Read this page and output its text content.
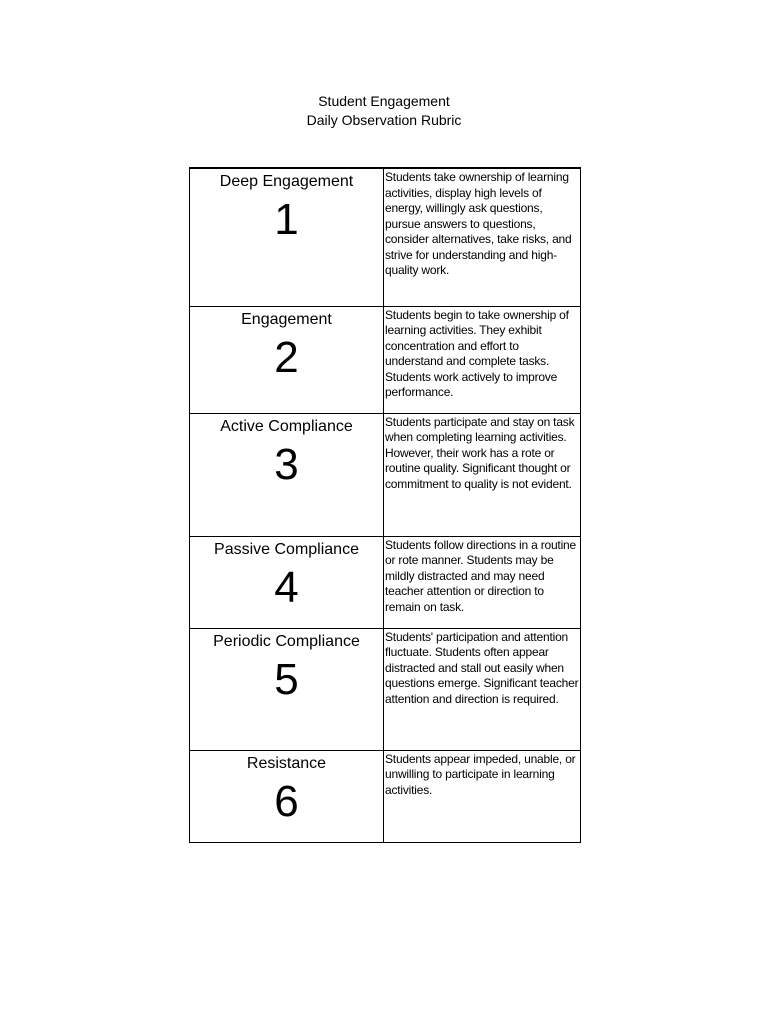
Student Engagement
Daily Observation Rubric
Deep Engagement
1	Students take ownership of learning activities, display high levels of energy, willingly ask questions, pursue answers to questions, consider alternatives, take risks, and strive for understanding and high-quality work.

Engagement
2	Students begin to take ownership of learning activities. They exhibit concentration and effort to understand and complete tasks. Students work actively to improve performance.

Active Compliance
3	Students participate and stay on task when completing learning activities. However, their work has a rote or routine quality. Significant thought or commitment to quality is not evident.

Passive Compliance
4	Students follow directions in a routine or rote manner. Students may be mildly distracted and may need teacher attention or direction to remain on task.

Periodic Compliance
5	Students' participation and attention fluctuate. Students often appear distracted and stall out easily when questions emerge. Significant teacher attention and direction is required.

Resistance
6	Students appear impeded, unable, or unwilling to participate in learning activities.
